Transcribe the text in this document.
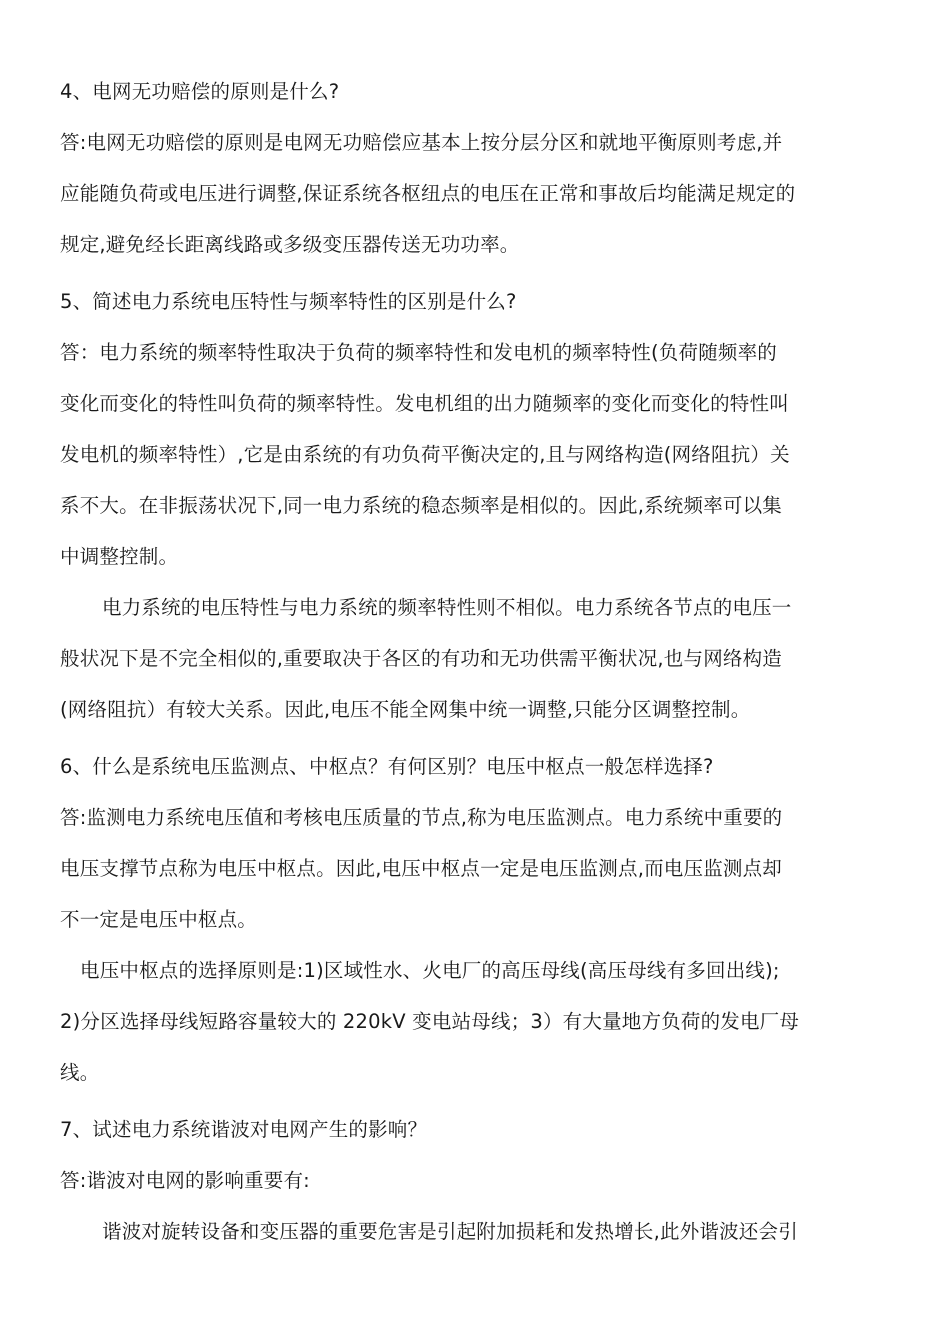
4、电网无功赔偿的原则是什么?
答:电网无功赔偿的原则是电网无功赔偿应基本上按分层分区和就地平衡原则考虑,并
应能随负荷或电压进行调整,保证系统各枢纽点的电压在正常和事故后均能满足规定的
规定,避免经长距离线路或多级变压器传送无功功率。
5、简述电力系统电压特性与频率特性的区别是什么?
答：电力系统的频率特性取决于负荷的频率特性和发电机的频率特性(负荷随频率的
变化而变化的特性叫负荷的频率特性。发电机组的出力随频率的变化而变化的特性叫
发电机的频率特性）,它是由系统的有功负荷平衡决定的,且与网络构造(网络阻抗）关
系不大。在非振荡状况下,同一电力系统的稳态频率是相似的。因此,系统频率可以集
中调整控制。
电力系统的电压特性与电力系统的频率特性则不相似。电力系统各节点的电压一
般状况下是不完全相似的,重要取决于各区的有功和无功供需平衡状况,也与网络构造
(网络阻抗）有较大关系。因此,电压不能全网集中统一调整,只能分区调整控制。
6、什么是系统电压监测点、中枢点？有何区别？电压中枢点一般怎样选择?
答:监测电力系统电压值和考核电压质量的节点,称为电压监测点。电力系统中重要的
电压支撑节点称为电压中枢点。因此,电压中枢点一定是电压监测点,而电压监测点却
不一定是电压中枢点。
电压中枢点的选择原则是:1)区域性水、火电厂的高压母线(高压母线有多回出线);
2)分区选择母线短路容量较大的 220kV 变电站母线；3）有大量地方负荷的发电厂母
线。
7、试述电力系统谐波对电网产生的影响？
答:谐波对电网的影响重要有:
谐波对旋转设备和变压器的重要危害是引起附加损耗和发热增长,此外谐波还会引
